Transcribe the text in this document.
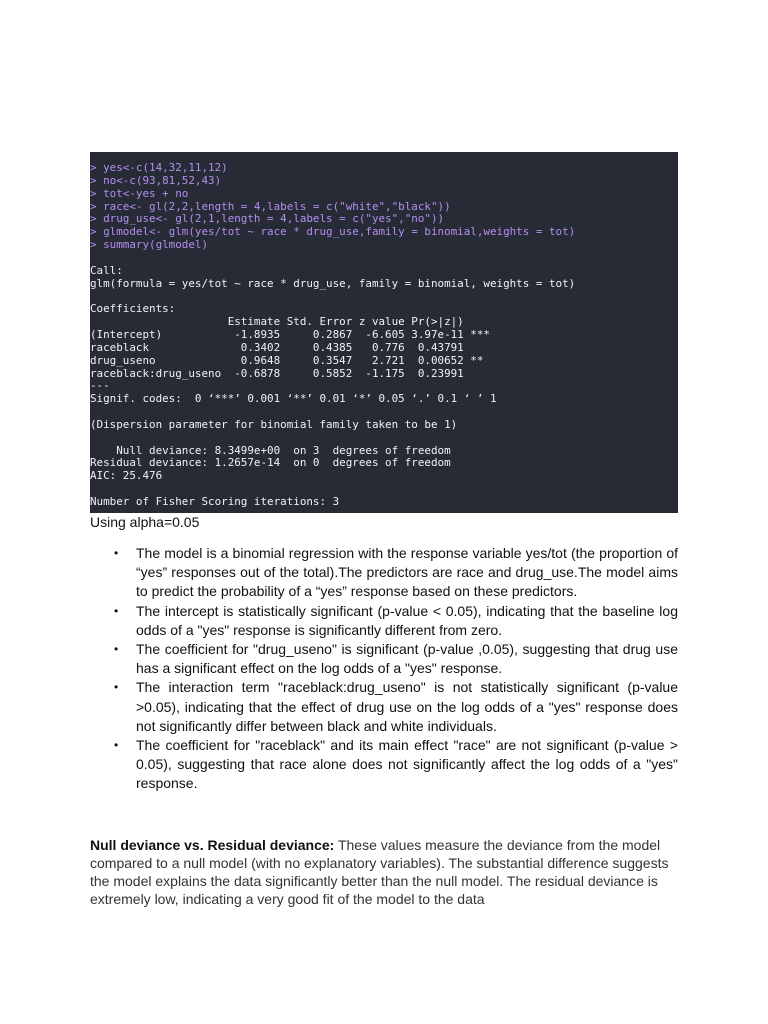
> yes<-c(14,32,11,12)
> no<-c(93,81,52,43)
> tot<-yes + no
> race<- gl(2,2,length = 4,labels = c("white","black"))
> drug_use<- gl(2,1,length = 4,labels = c("yes","no"))
> glmodel<- glm(yes/tot ~ race * drug_use,family = binomial,weights = tot)
> summary(glmodel)
Call:
glm(formula = yes/tot ~ race * drug_use, family = binomial, weights = tot)
Coefficients:
Estimate Std. Error z value Pr(>|z|)
(Intercept)           -1.8935     0.2867  -6.605 3.97e-11 ***
raceblack              0.3402     0.4385   0.776  0.43791
drug_useno             0.9648     0.3547   2.721  0.00652 **
raceblack:drug_useno  -0.6878     0.5852  -1.175  0.23991
---
Signif. codes:  0 ‘***’ 0.001 ‘**’ 0.01 ‘*’ 0.05 ‘.’ 0.1 ‘ ’ 1
(Dispersion parameter for binomial family taken to be 1)
Null deviance: 8.3499e+00  on 3  degrees of freedom
Residual deviance: 1.2657e-14  on 0  degrees of freedom
AIC: 25.476
Number of Fisher Scoring iterations: 3
Using alpha=0.05
• The model is a binomial regression with the response variable yes/tot (the proportion of “yes” responses out of the total).The predictors are race and drug_use.The model aims to predict the probability of a “yes” response based on these predictors.
• The intercept is statistically significant (p-value < 0.05), indicating that the baseline log odds of a "yes" response is significantly different from zero.
• The coefficient for "drug_useno" is significant (p-value ,0.05), suggesting that drug use has a significant effect on the log odds of a "yes" response.
• The interaction term "raceblack:drug_useno" is not statistically significant (p-value >0.05), indicating that the effect of drug use on the log odds of a "yes" response does not significantly differ between black and white individuals.
• The coefficient for "raceblack" and its main effect "race" are not significant (p-value > 0.05), suggesting that race alone does not significantly affect the log odds of a "yes" response.
Null deviance vs. Residual deviance: These values measure the deviance from the model compared to a null model (with no explanatory variables). The substantial difference suggests the model explains the data significantly better than the null model. The residual deviance is extremely low, indicating a very good fit of the model to the data
